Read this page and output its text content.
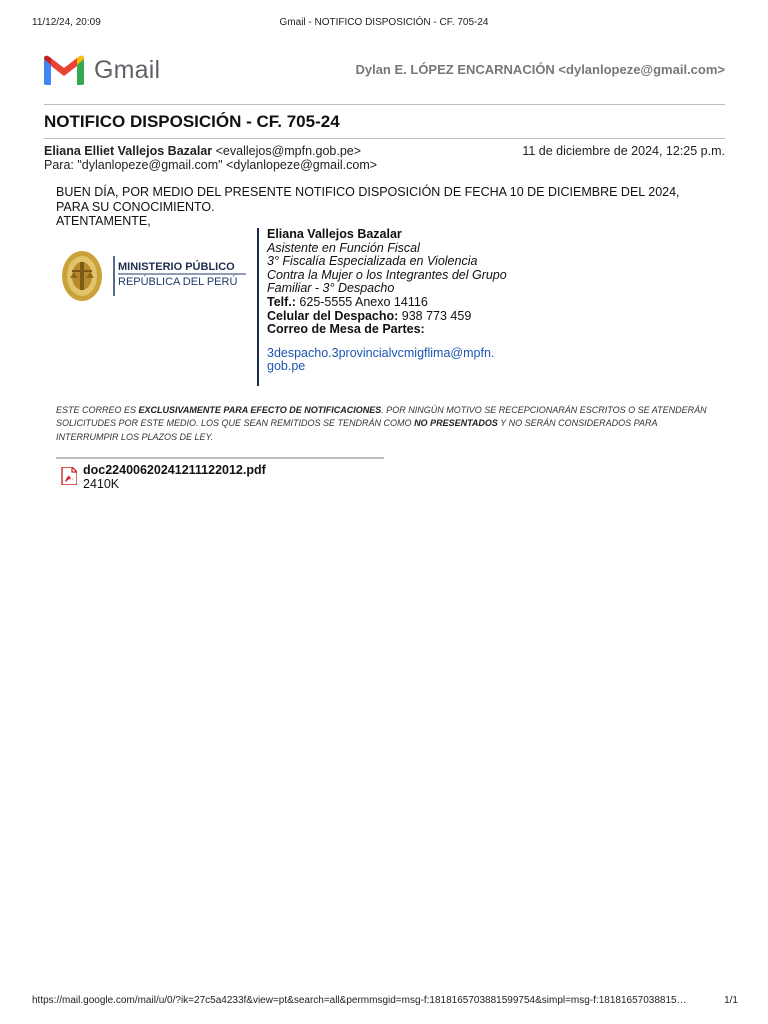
11/12/24, 20:09	Gmail - NOTIFICO DISPOSICIÓN - CF. 705-24
Gmail	Dylan E. LÓPEZ ENCARNACIÓN <dylanlopeze@gmail.com>
NOTIFICO DISPOSICIÓN - CF. 705-24
Eliana Elliet Vallejos Bazalar <evallejos@mpfn.gob.pe>	11 de diciembre de 2024, 12:25 p.m.
Para: "dylanlopeze@gmail.com" <dylanlopeze@gmail.com>
BUEN DÍA, POR MEDIO DEL PRESENTE NOTIFICO DISPOSICIÓN DE FECHA 10 DE DICIEMBRE DEL 2024,
PARA SU CONOCIMIENTO.
ATENTAMENTE,
MINISTERIO PÚBLICO
REPÚBLICA DEL PERÚ
Eliana Vallejos Bazalar
Asistente en Función Fiscal
3° Fiscalía Especializada en Violencia
Contra la Mujer o los Integrantes del Grupo
Familiar - 3° Despacho
Telf.: 625-5555 Anexo 14116
Celular del Despacho: 938 773 459
Correo de Mesa de Partes:
3despacho.3provincialvcmigflima@mpfn.
gob.pe
ESTE CORREO ES EXCLUSIVAMENTE PARA EFECTO DE NOTIFICACIONES. POR NINGÚN MOTIVO SE RECEPCIONARÁN ESCRITOS O SE ATENDERÁN SOLICITUDES POR ESTE MEDIO. LOS QUE SEAN REMITIDOS SE TENDRÁN COMO NO PRESENTADOS Y NO SERÁN CONSIDERADOS PARA INTERRUMPIR LOS PLAZOS DE LEY.
doc22400620241211122012.pdf
2410K
https://mail.google.com/mail/u/0/?ik=27c5a4233f&view=pt&search=all&permmsgid=msg-f:1818165703881599754&simpl=msg-f:18181657038815…	1/1
